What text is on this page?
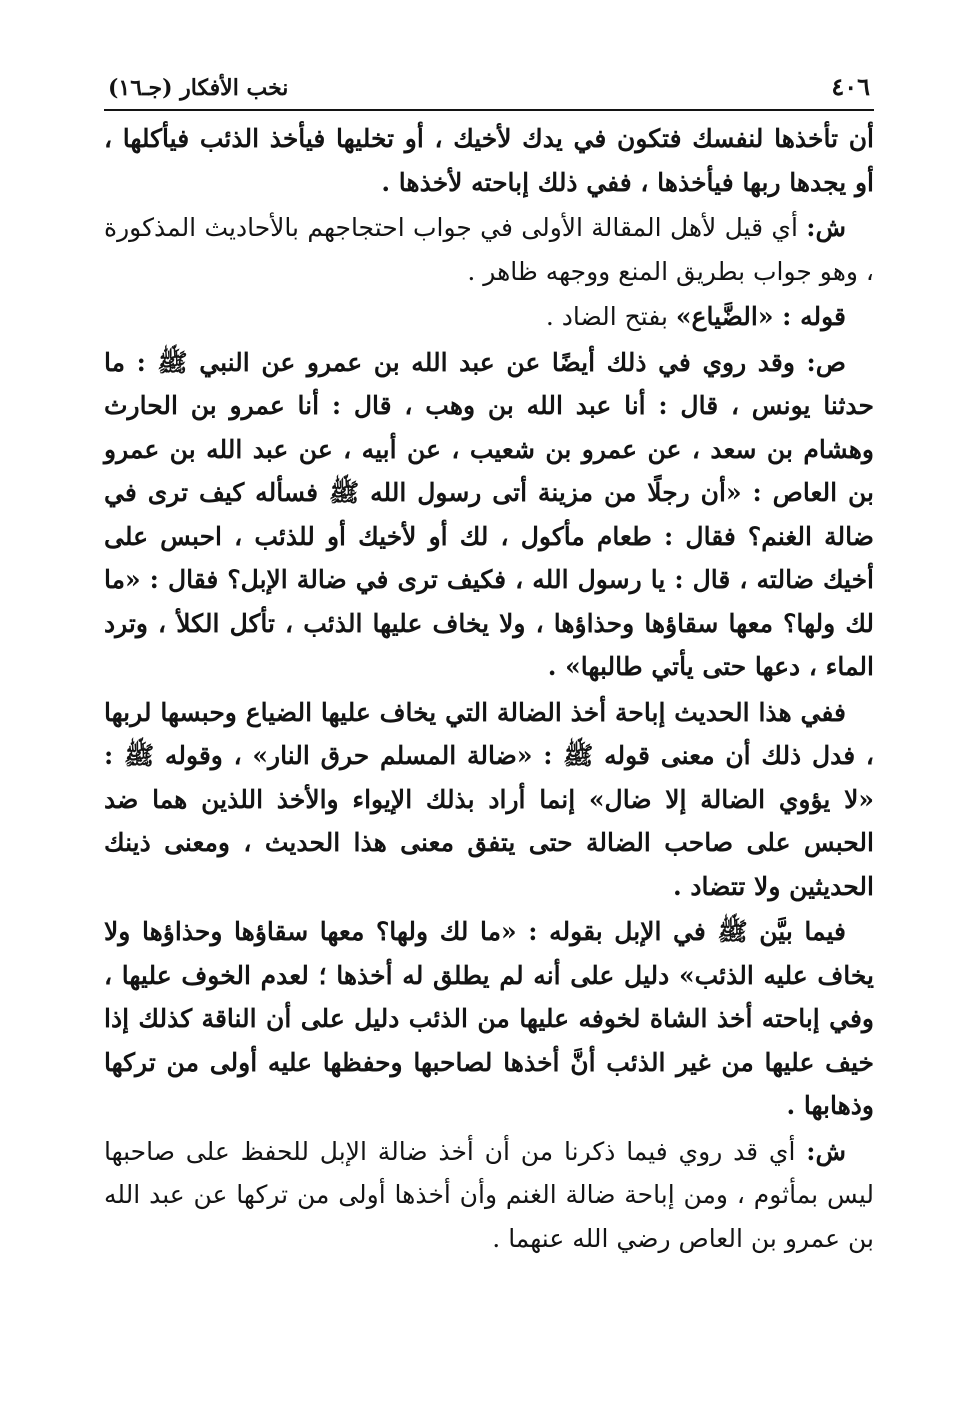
٤٠٦
نخب الأفكار (جـ١٦)

أن تأخذها لنفسك فتكون في يدك لأخيك ، أو تخليها فيأخذ الذئب فيأكلها ، أو يجدها ربها فيأخذها ، ففي ذلك إباحته لأخذها .

ش: أي قيل لأهل المقالة الأولى في جواب احتجاجهم بالأحاديث المذكورة ، وهو جواب بطريق المنع ووجهه ظاهر .

قوله : «الضَّياع» بفتح الضاد .

ص: وقد روي في ذلك أيضًا عن عبد الله بن عمرو عن النبي ﷺ : ما حدثنا يونس ، قال : أنا عبد الله بن وهب ، قال : أنا عمرو بن الحارث وهشام بن سعد ، عن عمرو بن شعيب ، عن أبيه ، عن عبد الله بن عمرو بن العاص : «أن رجلًا من مزينة أتى رسول الله ﷺ فسأله كيف ترى في ضالة الغنم؟ فقال : طعام مأكول ، لك أو لأخيك أو للذئب ، احبس على أخيك ضالته ، قال : يا رسول الله ، فكيف ترى في ضالة الإبل؟ فقال : «ما لك ولها؟ معها سقاؤها وحذاؤها ، ولا يخاف عليها الذئب ، تأكل الكلأ ، وترد الماء ، دعها حتى يأتي طالبها» .

ففي هذا الحديث إباحة أخذ الضالة التي يخاف عليها الضياع وحبسها لربها ، فدل ذلك أن معنى قوله ﷺ : «ضالة المسلم حرق النار» ، وقوله ﷺ : «لا يؤوي الضالة إلا ضال» إنما أراد بذلك الإيواء والأخذ اللذين هما ضد الحبس على صاحب الضالة حتى يتفق معنى هذا الحديث ، ومعنى ذينك الحديثين ولا تتضاد .

فيما بيَّن ﷺ في الإبل بقوله : «ما لك ولها؟ معها سقاؤها وحذاؤها ولا يخاف عليه الذئب» دليل على أنه لم يطلق له أخذها ؛ لعدم الخوف عليها ، وفي إباحته أخذ الشاة لخوفه عليها من الذئب دليل على أن الناقة كذلك إذا خيف عليها من غير الذئب أنَّ أخذها لصاحبها وحفظها عليه أولى من تركها وذهابها .

ش: أي قد روي فيما ذكرنا من أن أخذ ضالة الإبل للحفظ على صاحبها ليس بمأثوم ، ومن إباحة ضالة الغنم وأن أخذها أولى من تركها عن عبد الله بن عمرو بن العاص رضي الله عنهما .
